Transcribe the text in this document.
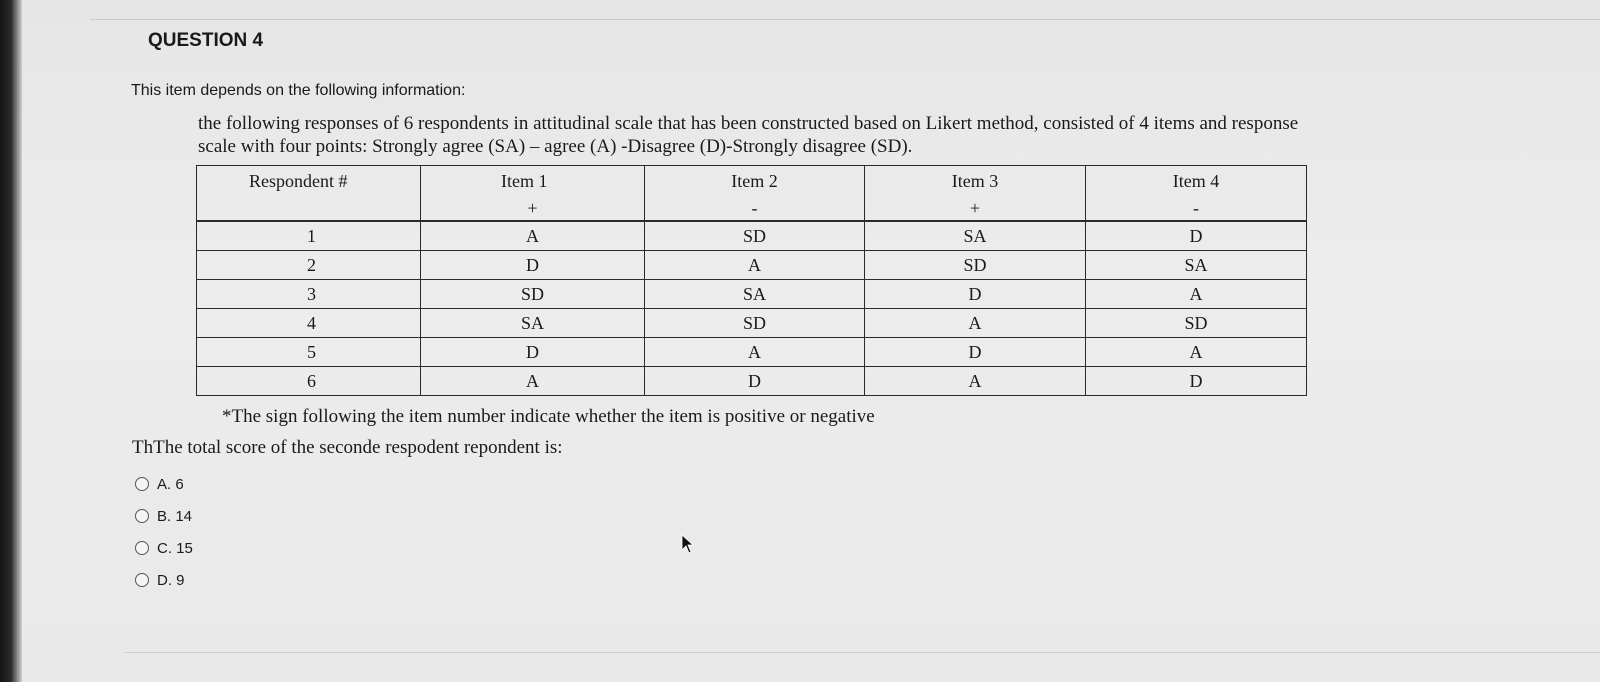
QUESTION 4

This item depends on the following information:

the following responses of 6 respondents in attitudinal scale that has been constructed based on Likert method, consisted of 4 items and response

scale with four points: Strongly agree (SA) – agree (A) -Disagree (D)-Strongly disagree (SD).

Respondent #	Item 1	Item 2	Item 3	Item 4
	+	-	+	-
1	A	SD	SA	D
2	D	A	SD	SA
3	SD	SA	D	A
4	SA	SD	A	SD
5	D	A	D	A
6	A	D	A	D

*The sign following the item number indicate whether the item is positive or negative

ThThe total score of the seconde respodent repondent is:

A. 6
B. 14
C. 15
D. 9
